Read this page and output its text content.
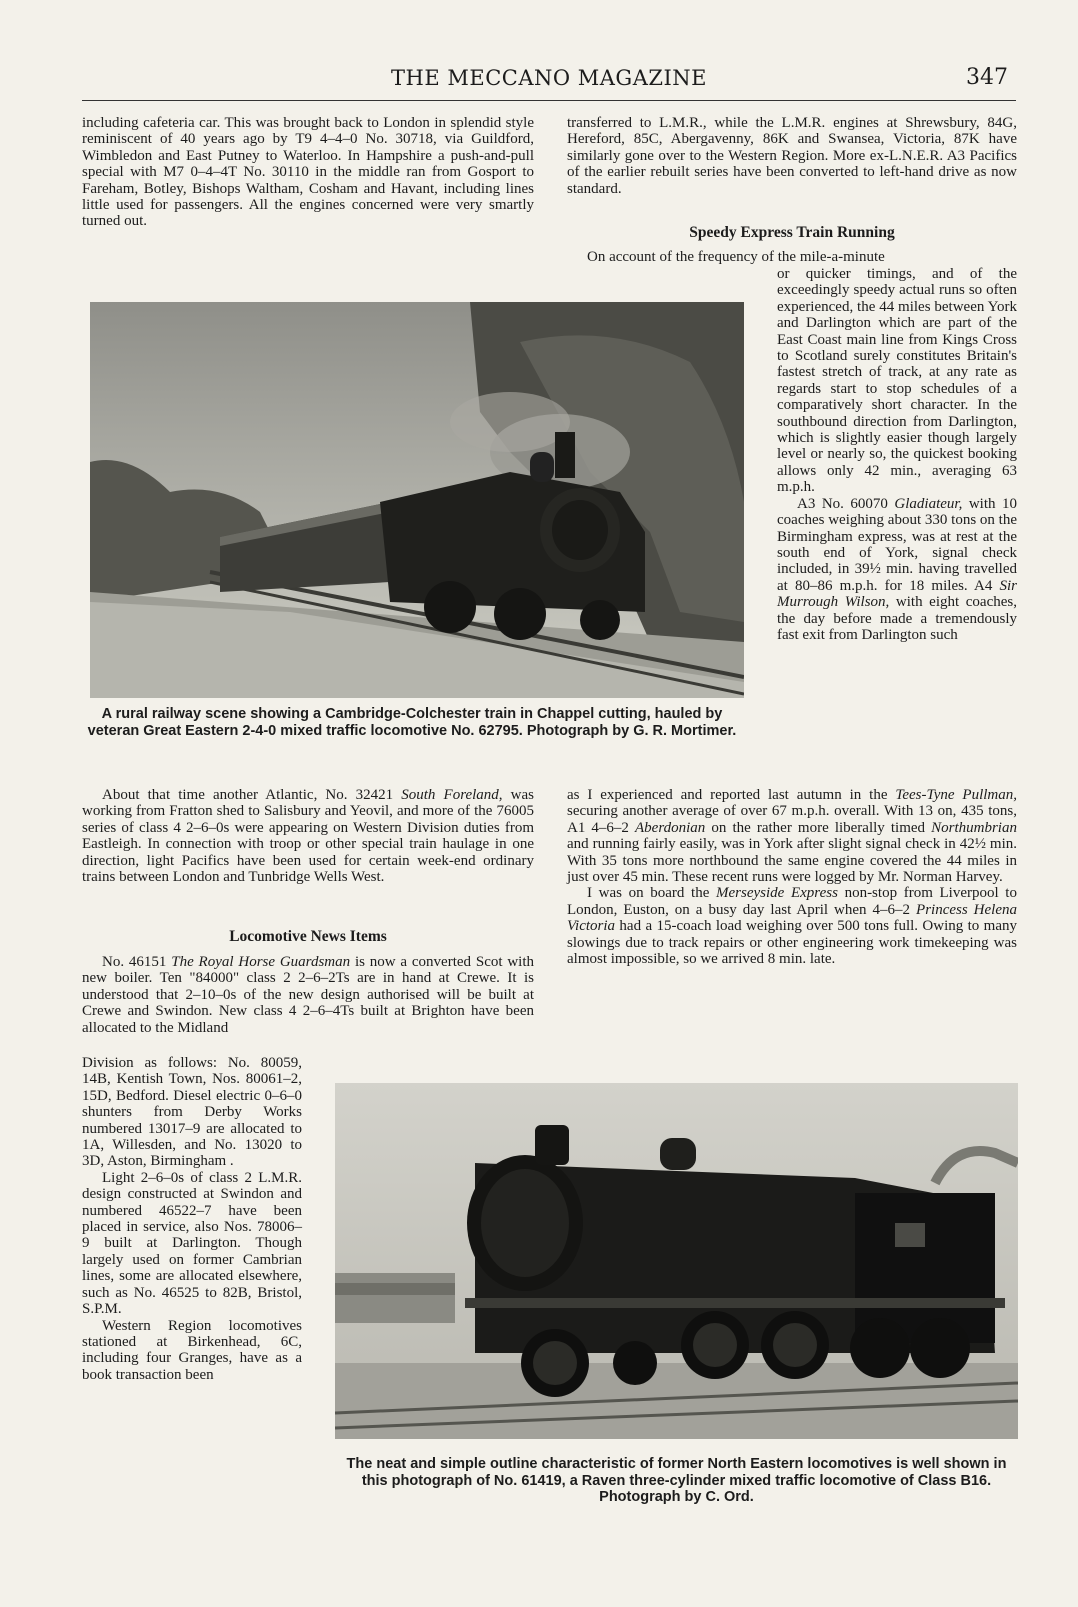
THE MECCANO MAGAZINE	347

including cafeteria car. This was brought back to London in splendid style reminiscent of 40 years ago by T9 4–4–0 No. 30718, via Guildford, Wimbledon and East Putney to Waterloo. In Hampshire a push-and-pull special with M7 0–4–4T No. 30110 in the middle ran from Gosport to Fareham, Botley, Bishops Waltham, Cosham and Havant, including lines little used for passengers. All the engines concerned were very smartly turned out.

transferred to L.M.R., while the L.M.R. engines at Shrewsbury, 84G, Hereford, 85C, Abergavenny, 86K and Swansea, Victoria, 87K have similarly gone over to the Western Region. More ex-L.N.E.R. A3 Pacifics of the earlier rebuilt series have been converted to left-hand drive as now standard.

Speedy Express Train Running

On account of the frequency of the mile-a-minute

or quicker timings, and of the exceedingly speedy actual runs so often experienced, the 44 miles between York and Darlington which are part of the East Coast main line from Kings Cross to Scotland surely constitutes Britain's fastest stretch of track, at any rate as regards start to stop schedules of a comparatively short character. In the southbound direction from Darlington, which is slightly easier though largely level or nearly so, the quickest booking allows only 42 min., averaging 63 m.p.h.

A3 No. 60070 Gladiateur, with 10 coaches weighing about 330 tons on the Birmingham express, was at rest at the south end of York, signal check included, in 39½ min. having travelled at 80–86 m.p.h. for 18 miles. A4 Sir Murrough Wilson, with eight coaches, the day before made a tremendously fast exit from Darlington such

A rural railway scene showing a Cambridge-Colchester train in Chappel cutting, hauled by veteran Great Eastern 2-4-0 mixed traffic locomotive No. 62795. Photograph by G. R. Mortimer.

About that time another Atlantic, No. 32421 South Foreland, was working from Fratton shed to Salisbury and Yeovil, and more of the 76005 series of class 4 2–6–0s were appearing on Western Division duties from Eastleigh. In connection with troop or other special train haulage in one direction, light Pacifics have been used for certain week-end ordinary trains between London and Tunbridge Wells West.

Locomotive News Items

No. 46151 The Royal Horse Guardsman is now a converted Scot with new boiler. Ten "84000" class 2 2–6–2Ts are in hand at Crewe. It is understood that 2–10–0s of the new design authorised will be built at Crewe and Swindon. New class 4 2–6–4Ts built at Brighton have been allocated to the Midland

Division as follows: No. 80059, 14B, Kentish Town, Nos. 80061–2, 15D, Bedford. Diesel electric 0–6–0 shunters from Derby Works numbered 13017–9 are allocated to 1A, Willesden, and No. 13020 to 3D, Aston, Birmingham .

Light 2–6–0s of class 2 L.M.R. design constructed at Swindon and numbered 46522–7 have been placed in service, also Nos. 78006–9 built at Darlington. Though largely used on former Cambrian lines, some are allocated elsewhere, such as No. 46525 to 82B, Bristol, S.P.M.

Western Region locomotives stationed at Birkenhead, 6C, including four Granges, have as a book transaction been

as I experienced and reported last autumn in the Tees-Tyne Pullman, securing another average of over 67 m.p.h. overall. With 13 on, 435 tons, A1 4–6–2 Aberdonian on the rather more liberally timed Northumbrian and running fairly easily, was in York after slight signal check in 42½ min. With 35 tons more northbound the same engine covered the 44 miles in just over 45 min. These recent runs were logged by Mr. Norman Harvey.

I was on board the Merseyside Express non-stop from Liverpool to London, Euston, on a busy day last April when 4–6–2 Princess Helena Victoria had a 15-coach load weighing over 500 tons full. Owing to many slowings due to track repairs or other engineering work timekeeping was almost impossible, so we arrived 8 min. late.

The neat and simple outline characteristic of former North Eastern locomotives is well shown in this photograph of No. 61419, a Raven three-cylinder mixed traffic locomotive of Class B16. Photograph by C. Ord.
